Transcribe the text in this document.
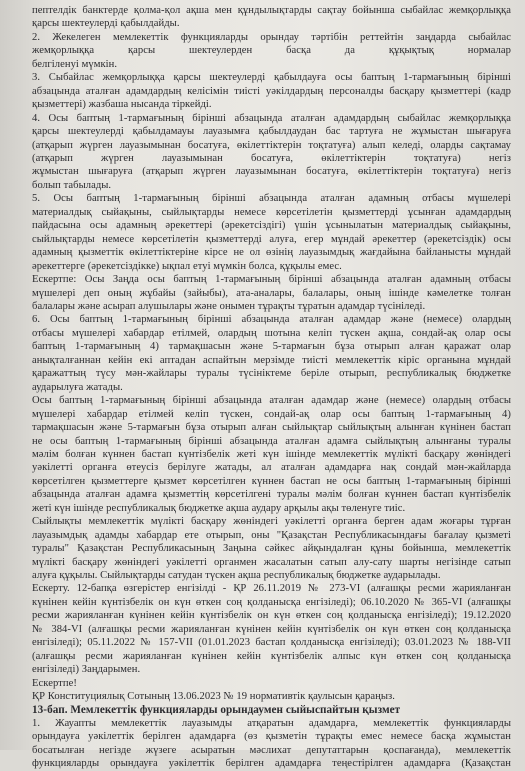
пептелдік банктерде қолма-қол ақша мен құндылықтарды сақтау бойынша сыбайлас жемқорлыққа
қарсы шектеулерді қабылдайды.
2. Жекелеген мемлекеттік функцияларды орындау тәртібін реттейтін заңдарда сыбайлас
жемқорлыққа қарсы шектеулерден басқа да құқықтық нормалар
белгіленуі мүмкін.
3. Сыбайлас жемқорлыққа қарсы шектеулерді қабылдауға осы баптың 1-тармағының бірінші
абзацында аталған адамдардың келісімін тиісті уәкілдардың персоналды басқару қызметтері (кадр
қызметтері) жазбаша нысанда тіркейді.
4. Осы баптың 1-тармағының бірінші абзацында аталған адамдардың сыбайлас жемқорлыққа
қарсы шектеулерді қабылдамауы лауазымға қабылдаудан бас тартуға не жұмыстан шығаруға
(атқарып жүрген лауазымынан босатуға, өкілеттіктерін тоқтатуға) алып келеді, оларды сақтамау
(атқарып жүрген лауазымынан босатуға, өкілеттіктерін тоқтатуға) негіз
жұмыстан шығаруға (атқарып жүрген лауазымынан босатуға, өкілеттіктерін тоқтатуға) негіз
болып табылады.
5. Осы баптың 1-тармағының бірінші абзацында аталған адамның отбасы мүшелері
материалдық сыйақыны, сыйлықтарды немесе көрсетілетін қызметтерді ұсынған адамдардың
пайдасына осы адамның әрекеттері (әрекетсіздігі) үшін ұсынылатын материалдық сыйақыны,
сыйлықтарды немесе көрсетілетін қызметтерді алуға, егер мұндай әрекеттер (әрекетсіздік) осы
адамның қызметтік өкілеттіктеріне кірсе не ол өзінің лауазымдық жағдайына байланысты мұндай
әрекеттерге (әрекетсіздікке) ықпал етуі мүмкін болса, құқылы емес.
Ескертпе: Осы Заңда осы баптың 1-тармағының бірінші абзацында аталған адамның отбасы
мүшелері деп оның жұбайы (зайыбы), ата-аналары, балалары, оның ішінде кәмелетке толған
балалары және асырап алушылары және онымен тұрақты тұратын адамдар түсініледі.
6. Осы баптың 1-тармағының бірінші абзацында аталған адамдар және (немесе) олардың
отбасы мүшелері хабардар етілмей, олардың шотына келіп түскен ақша, сондай-ақ олар осы
баптың 1-тармағының 4) тармақшасын және 5-тармағын бұза отырып алған қаражат олар
анықталғаннан кейін екі аптадан аспайтын мерзімде тиісті мемлекеттік кіріс органына мұндай
қаражаттың түсу мән-жайлары туралы түсініктеме беріле отырып, республикалық бюджетке
аударылуға жатады.
Осы баптың 1-тармағының бірінші абзацында аталған адамдар және (немесе) олардың отбасы
мүшелері хабардар етілмей келіп түскен, сондай-ақ олар осы баптың 1-тармағының 4)
тармақшасын және 5-тармағын бұза отырып алған сыйлықтар сыйлықтың алынған күнінен бастап
не осы баптың 1-тармағының бірінші абзацында аталған адамға сыйлықтың алынғаны туралы
мәлім болған күннен бастап күнтізбелік жеті күн ішінде мемлекеттік мүлікті басқару жөніндегі
уәкілетті органға өтеусіз берілуге жатады, ал аталған адамдарға нақ сондай мән-жайларда
көрсетілген қызметтерге қызмет көрсетілген күннен бастап не осы баптың 1-тармағының бірінші
абзацында аталған адамға қызметтің көрсетілгені туралы мәлім болған күннен бастап күнтізбелік
жеті күн ішінде республикалық бюджетке ақша аудару арқылы ақы төленуге тиіс.
Сыйлықты мемлекеттік мүлікті басқару жөніндегі уәкілетті органға берген адам жоғары тұрған
лауазымдық адамды хабардар ете отырып, оны "Қазақстан Республикасындағы бағалау қызметі
туралы" Қазақстан Республикасының Заңына сәйкес айқындалған құны бойынша, мемлекеттік
мүлікті басқару жөніндегі уәкілетті органмен жасалатын сатып алу-сату шарты негізінде сатып
алуға құқылы. Сыйлықтарды сатудан түскен ақша республикалық бюджетке аударылады.
Ескерту. 12-бапқа өзгерістер енгізілді - ҚР 26.11.2019 № 273-VI (алғашқы ресми жарияланған
күнінен кейін күнтізбелік он күн өткен соң қолданысқа енгізіледі); 06.10.2020 № 365-VI (алғашқы
ресми жарияланған күнінен кейін күнтізбелік он күн өткен соң қолданысқа енгізіледі); 19.12.2020
№ 384-VI (алғашқы ресми жарияланған күнінен кейін күнтізбелік он күн өткен соң қолданысқа
енгізіледі); 05.11.2022 № 157-VII (01.01.2023 бастап қолданысқа енгізіледі); 03.01.2023 № 188-VII
(алғашқы ресми жарияланған күнінен кейін күнтізбелік алпыс күн өткен соң қолданысқа
енгізіледі) Заңдарымен.
Ескертпе!
ҚР Конституциялық Сотының 13.06.2023 № 19 нормативтік қаулысын қараңыз.
13-бап. Мемлекеттік функцияларды орындаумен сыйыспайтын қызмет
1. Жауапты мемлекеттік лауазымды атқаратын адамдарға, мемлекеттік функцияларды
орындауға уәкілеттік берілген адамдарға (өз қызметін тұрақты емес немесе басқа жұмыстан
босатылған негізде жүзеге асыратын мәслихат депутаттарын қоспағанда), мемлекеттік
функцияларды орындауға уәкілеттік берілген адамдарға теңестірілген адамдарға (Қазақстан
